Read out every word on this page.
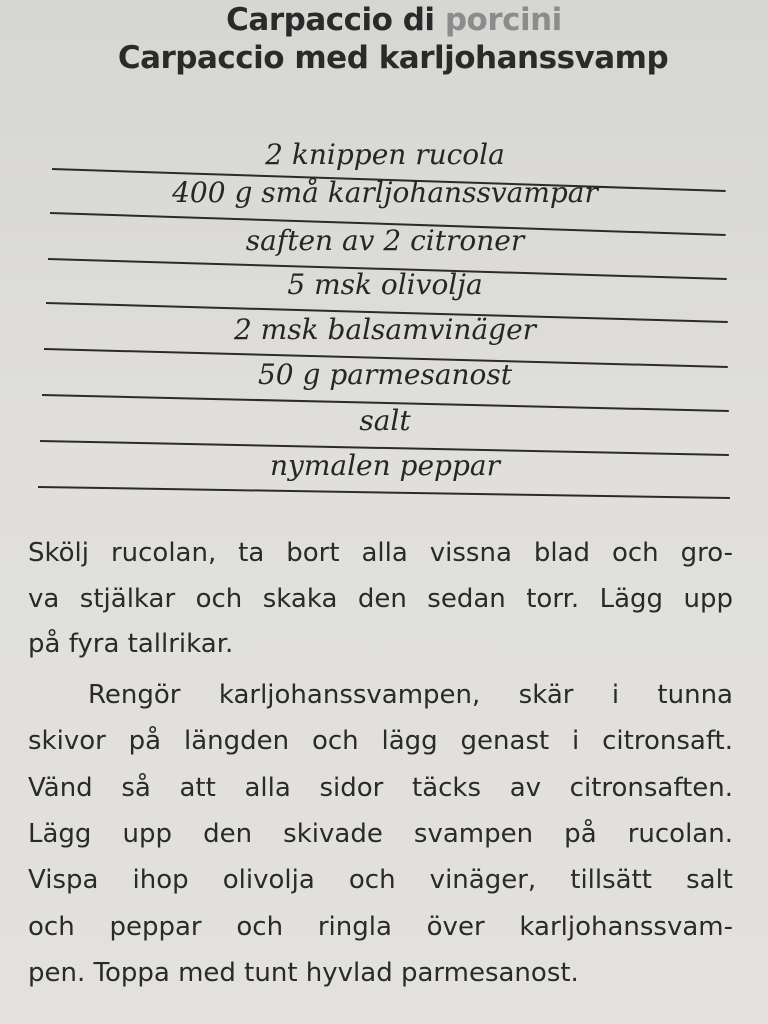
Carpaccio di porcini
Carpaccio med karljohanssvamp
2 knippen rucola
400 g små karljohanssvampar
saften av 2 citroner
5 msk olivolja
2 msk balsamvinäger
50 g parmesanost
salt
nymalen peppar
Skölj rucolan, ta bort alla vissna blad och gro-
va stjälkar och skaka den sedan torr. Lägg upp
på fyra tallrikar.
Rengör karljohanssvampen, skär i tunna
skivor på längden och lägg genast i citronsaft.
Vänd så att alla sidor täcks av citronsaften.
Lägg upp den skivade svampen på rucolan.
Vispa ihop olivolja och vinäger, tillsätt salt
och peppar och ringla över karljohanssvam-
pen. Toppa med tunt hyvlad parmesanost.
